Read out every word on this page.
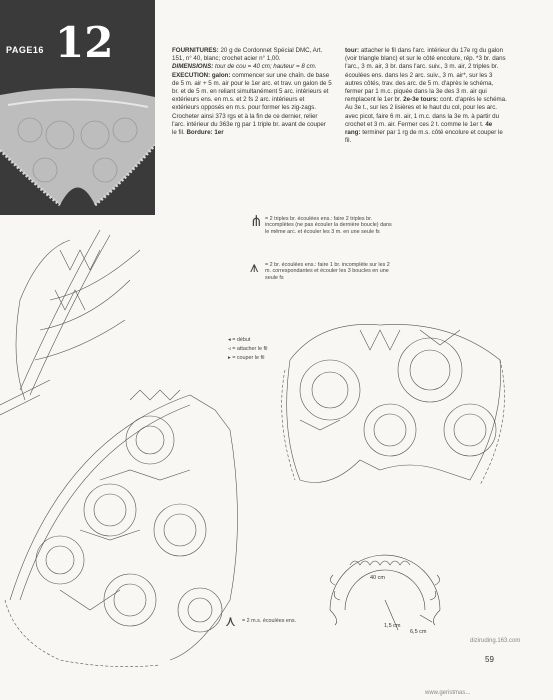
PAGE16 12	FOURNITURES: 20 g de Cordonnet Spécial DMC, Art. 151, n° 40, blanc; crochet acier n° 1,00.
DIMENSIONS: tour de cou = 40 cm; hauteur = 8 cm.
EXECUTION: galon: commencer sur une chaîn. de base de 5 m. air + 5 m. air pour le 1er arc. et trav. un galon de 5 br. et de 5 m. en reliant simultanément 5 arc. intérieurs et extérieurs ens. en m.s. et 2 fs 2 arc. intérieurs et extérieurs opposés en m.s. pour former les zig-zags. Crocheter ainsi 373 rgs et à la fin de ce dernier, relier l'arc. intérieur du 363e rg par 1 triple br. avant de couper le fil. Bordure: 1er
tour: attacher le fil dans l'arc. intérieur du 17e rg du galon (voir triangle blanc) et sur le côté encolure, rép. *3 br. dans l'arc., 3 m. air, 3 br. dans l'arc. suiv., 3 m. air, 2 triples br. écoulées ens. dans les 2 arc. suiv., 3 m. air*, sur les 3 autres côtés, trav. des arc. de 5 m. d'après le schéma, fermer par 1 m.c. piquée dans la 3e des 3 m. air qui remplacent le 1er br. 2e-3e tours: cont. d'après le schéma. Au 3e t., sur les 2 lisières et le haut du col, pour les arc. avec picot, faire 6 m. air, 1 m.c. dans la 3e m. à partir du crochet et 3 m. air. Fermer ces 2 t. comme le 1er t. 4e rang: terminer par 1 rg de m.s. côté encolure et couper le fil.
⋔ = 2 triples br. écoulées ens.: faire 2 triples br. incomplètes (ne pas écouler la dernière boucle) dans le même arc. et écouler les 3 m. en une seule fs
⩚ = 2 br. écoulées ens.: faire 1 br. incomplète sur les 2 m. correspondantes et écouler les 3 boucles en une seule fs
◂ = début
◃ = attacher le fil
▸ = couper le fil
⋏ = 2 m.s. écoulées ens.
40 cm
1,5 cm
6,5 cm
59
diziruding.163.com
www.geristmas...
